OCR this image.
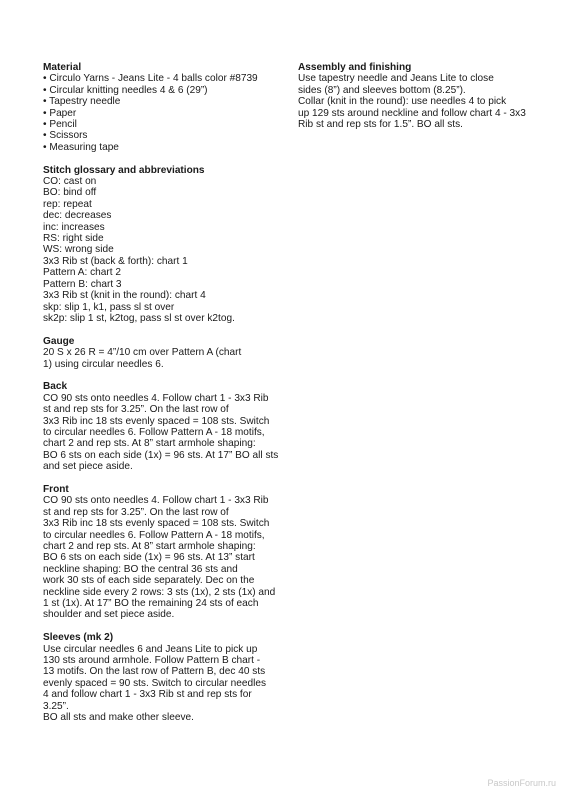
Material
• Circulo Yarns - Jeans Lite - 4 balls color #8739
• Circular knitting needles 4 & 6 (29”)
• Tapestry needle
• Paper
• Pencil
• Scissors
• Measuring tape
Stitch glossary and abbreviations
CO: cast on
BO: bind off
rep: repeat
dec: decreases
inc: increases
RS: right side
WS: wrong side
3x3 Rib st (back & forth): chart 1
Pattern A: chart 2
Pattern B: chart 3
3x3 Rib st (knit in the round): chart 4
skp: slip 1, k1, pass sl st over
sk2p: slip 1 st, k2tog, pass sl st over k2tog.
Gauge
20 S x 26 R = 4”/10 cm over Pattern A (chart
1) using circular needles 6.
Back
CO 90 sts onto needles 4. Follow chart 1 - 3x3 Rib
st and rep sts for 3.25”. On the last row of
3x3 Rib inc 18 sts evenly spaced = 108 sts. Switch
to circular needles 6. Follow Pattern A - 18 motifs,
chart 2 and rep sts. At 8” start armhole shaping:
BO 6 sts on each side (1x) = 96 sts. At 17” BO all sts
and set piece aside.
Front
CO 90 sts onto needles 4. Follow chart 1 - 3x3 Rib
st and rep sts for 3.25”. On the last row of
3x3 Rib inc 18 sts evenly spaced = 108 sts. Switch
to circular needles 6. Follow Pattern A - 18 motifs,
chart 2 and rep sts. At 8” start armhole shaping:
BO 6 sts on each side (1x) = 96 sts. At 13” start
neckline shaping: BO the central 36 sts and
work 30 sts of each side separately. Dec on the
neckline side every 2 rows: 3 sts (1x), 2 sts (1x) and
1 st (1x). At 17” BO the remaining 24 sts of each
shoulder and set piece aside.
Sleeves (mk 2)
Use circular needles 6 and Jeans Lite to pick up
130 sts around armhole. Follow Pattern B chart -
13 motifs. On the last row of Pattern B, dec 40 sts
evenly spaced = 90 sts. Switch to circular needles
4 and follow chart 1 - 3x3 Rib st and rep sts for
3.25”.
BO all sts and make other sleeve.
Assembly and finishing
Use tapestry needle and Jeans Lite to close
sides (8”) and sleeves bottom (8.25”).
Collar (knit in the round): use needles 4 to pick
up 129 sts around neckline and follow chart 4 - 3x3
Rib st and rep sts for 1.5”. BO all sts.
PassionForum.ru
